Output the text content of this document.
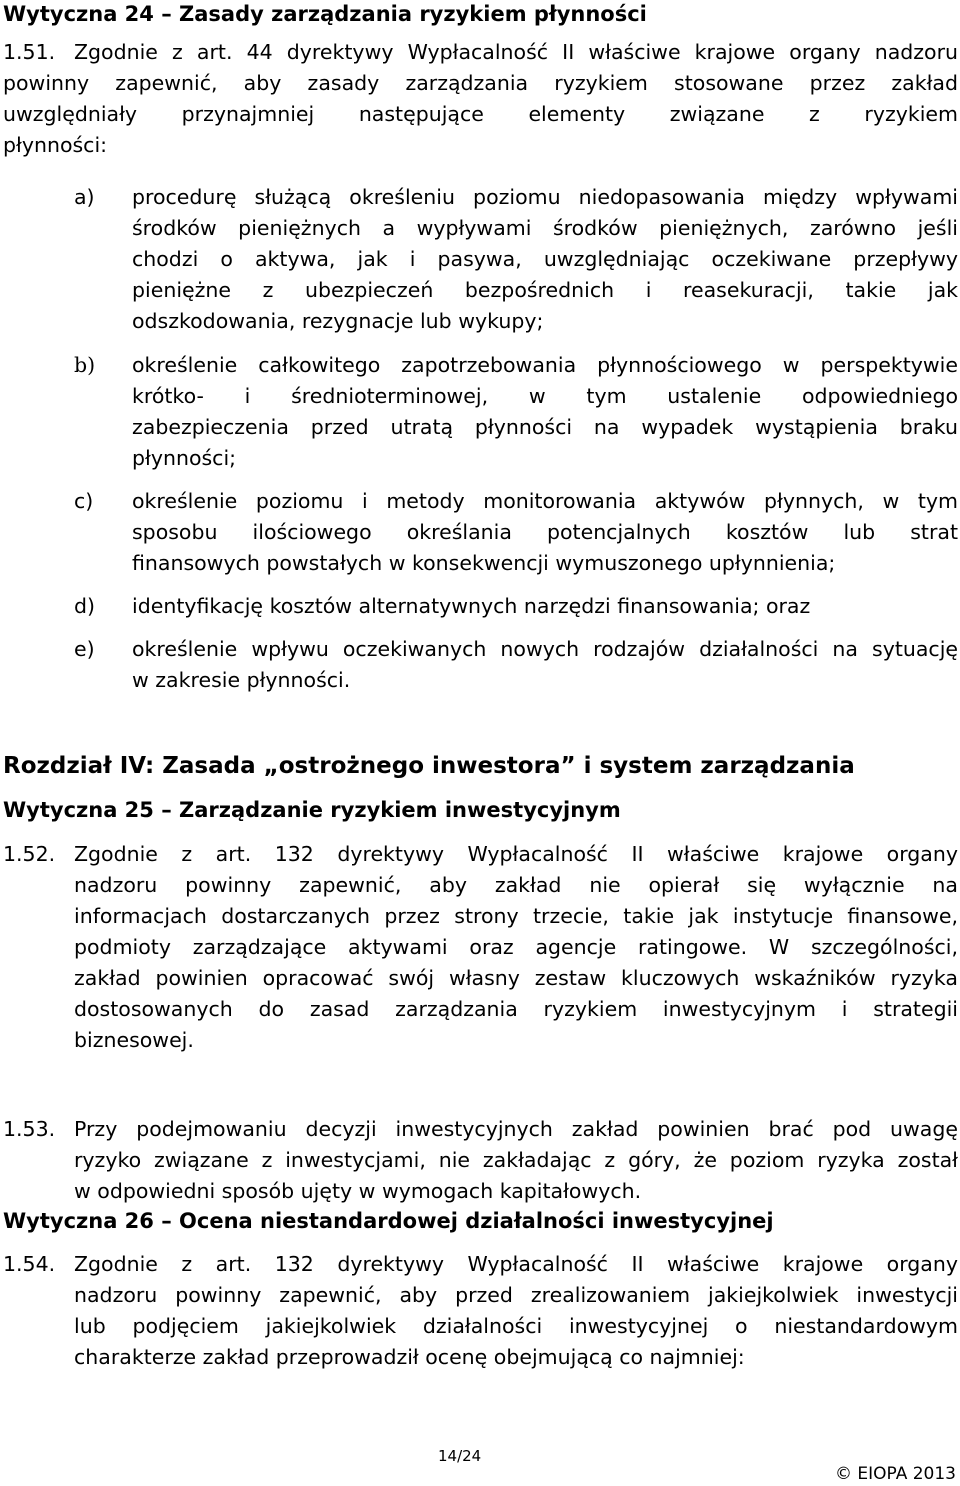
Wytyczna 24 – Zasady zarządzania ryzykiem płynności
1.51. Zgodnie z art. 44 dyrektywy Wypłacalność II właściwe krajowe organy nadzoru
powinny zapewnić, aby zasady zarządzania ryzykiem stosowane przez zakład
uwzględniały przynajmniej następujące elementy związane z ryzykiem
płynności:
a) procedurę służącą określeniu poziomu niedopasowania między wpływami
środków pieniężnych a wypływami środków pieniężnych, zarówno jeśli
chodzi o aktywa, jak i pasywa, uwzględniając oczekiwane przepływy
pieniężne z ubezpieczeń bezpośrednich i reasekuracji, takie jak
odszkodowania, rezygnacje lub wykupy;
b) określenie całkowitego zapotrzebowania płynnościowego w perspektywie
krótko- i średnioterminowej, w tym ustalenie odpowiedniego
zabezpieczenia przed utratą płynności na wypadek wystąpienia braku
płynności;
c) określenie poziomu i metody monitorowania aktywów płynnych, w tym
sposobu ilościowego określania potencjalnych kosztów lub strat
finansowych powstałych w konsekwencji wymuszonego upłynnienia;
d) identyfikację kosztów alternatywnych narzędzi finansowania; oraz
e) określenie wpływu oczekiwanych nowych rodzajów działalności na sytuację
w zakresie płynności.
Rozdział IV: Zasada „ostrożnego inwestora” i system zarządzania
Wytyczna 25 – Zarządzanie ryzykiem inwestycyjnym
1.52. Zgodnie z art. 132 dyrektywy Wypłacalność II właściwe krajowe organy
nadzoru powinny zapewnić, aby zakład nie opierał się wyłącznie na
informacjach dostarczanych przez strony trzecie, takie jak instytucje finansowe,
podmioty zarządzające aktywami oraz agencje ratingowe. W szczególności,
zakład powinien opracować swój własny zestaw kluczowych wskaźników ryzyka
dostosowanych do zasad zarządzania ryzykiem inwestycyjnym i strategii
biznesowej.
1.53. Przy podejmowaniu decyzji inwestycyjnych zakład powinien brać pod uwagę
ryzyko związane z inwestycjami, nie zakładając z góry, że poziom ryzyka został
w odpowiedni sposób ujęty w wymogach kapitałowych.
Wytyczna 26 – Ocena niestandardowej działalności inwestycyjnej
1.54. Zgodnie z art. 132 dyrektywy Wypłacalność II właściwe krajowe organy
nadzoru powinny zapewnić, aby przed zrealizowaniem jakiejkolwiek inwestycji
lub podjęciem jakiejkolwiek działalności inwestycyjnej o niestandardowym
charakterze zakład przeprowadził ocenę obejmującą co najmniej:
14/24
© EIOPA 2013
